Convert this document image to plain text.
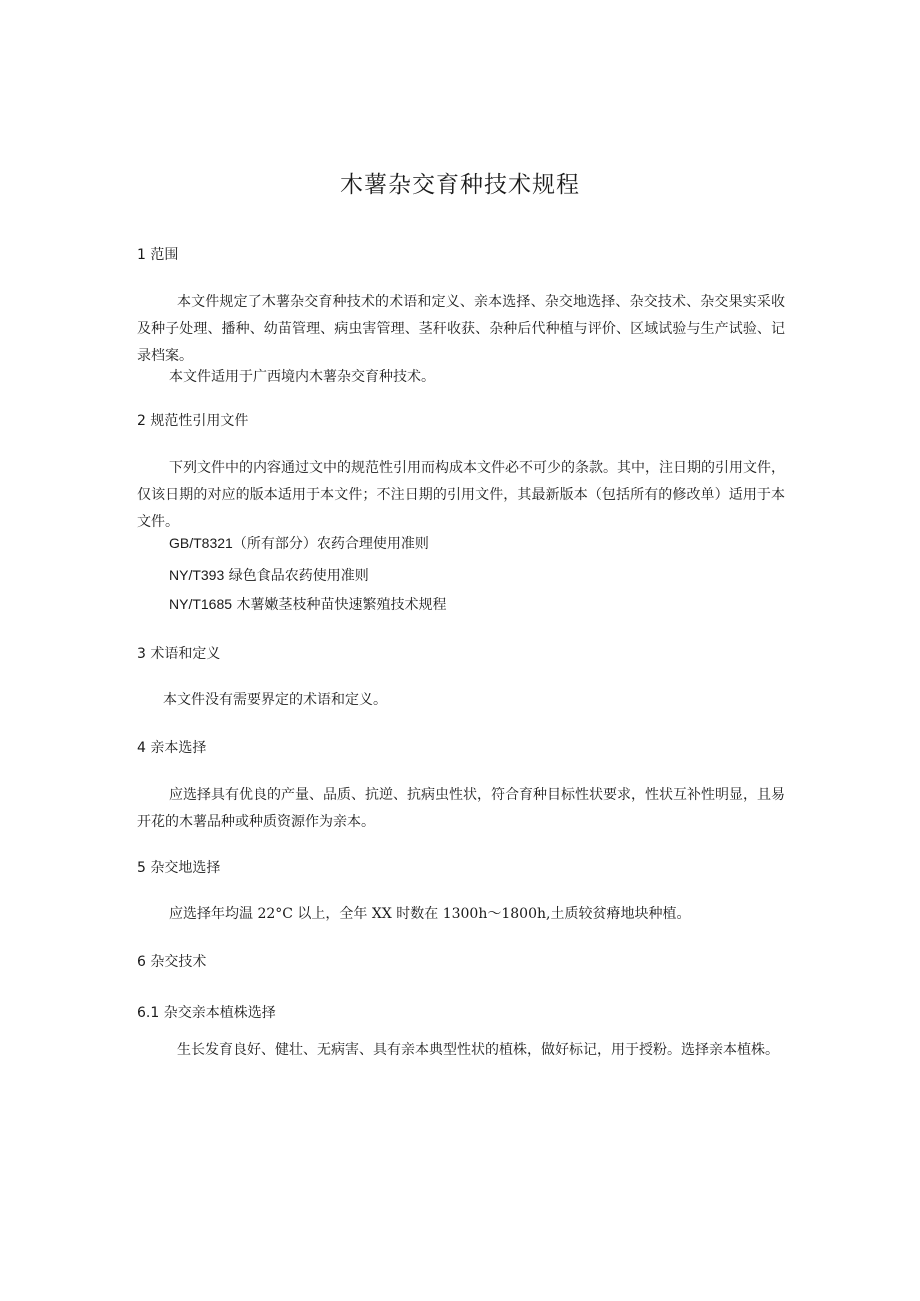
木薯杂交育种技术规程
1 范围

本文件规定了木薯杂交育种技术的术语和定义、亲本选择、杂交地选择、杂交技术、杂交果实采收及种子处理、播种、幼苗管理、病虫害管理、茎秆收获、杂种后代种植与评价、区域试验与生产试验、记录档案。

本文件适用于广西境内木薯杂交育种技术。

2 规范性引用文件

下列文件中的内容通过文中的规范性引用而构成本文件必不可少的条款。其中，注日期的引用文件，仅该日期的对应的版本适用于本文件；不注日期的引用文件，其最新版本（包括所有的修改单）适用于本文件。

GB/T8321（所有部分）农药合理使用准则
NY/T393 绿色食品农药使用准则
NY/T1685 木薯嫩茎枝种苗快速繁殖技术规程
3 术语和定义

本文件没有需要界定的术语和定义。

4 亲本选择

应选择具有优良的产量、品质、抗逆、抗病虫性状，符合育种目标性状要求，性状互补性明显，且易开花的木薯品种或种质资源作为亲本。

5 杂交地选择

应选择年均温 22°C 以上，全年 XX 时数在 1300h～1800h,土质较贫瘠地块种植。

6 杂交技术
6.1 杂交亲本植株选择

生长发育良好、健壮、无病害、具有亲本典型性状的植株，做好标记，用于授粉。选择亲本植株。
